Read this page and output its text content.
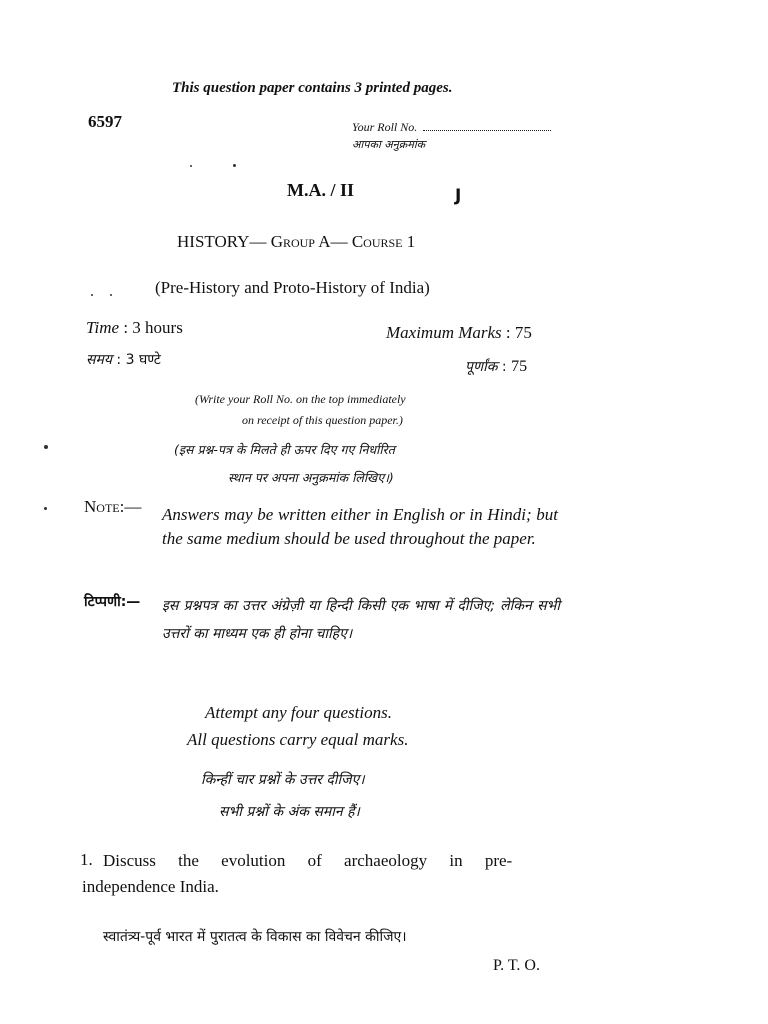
This question paper contains 3 printed pages.
6597	Your Roll No.
आपका अनुक्रमांक
M.A. / II	J
HISTORY— Group A— Course 1
(Pre-History and Proto-History of India)
Time : 3 hours	Maximum Marks : 75
समय : 3 घण्टे	पूर्णांक : 75
(Write your Roll No. on the top immediately
on receipt of this question paper.)
(इस प्रश्न-पत्र के मिलते ही ऊपर दिए गए निर्धारित
स्थान पर अपना अनुक्रमांक लिखिए।)
Note:— Answers may be written either in English or in Hindi; but the same medium should be used throughout the paper.
टिप्पणी:— इस प्रश्नपत्र का उत्तर अंग्रेज़ी या हिन्दी किसी एक भाषा में दीजिए; लेकिन सभी उत्तरों का माध्यम एक ही होना चाहिए।
Attempt any four questions.
All questions carry equal marks.
किन्हीं चार प्रश्नों के उत्तर दीजिए।
सभी प्रश्नों के अंक समान हैं।
1. Discuss the evolution of archaeology in pre-
independence India.
स्वातंत्र्य-पूर्व भारत में पुरातत्व के विकास का विवेचन कीजिए।
P. T. O.
